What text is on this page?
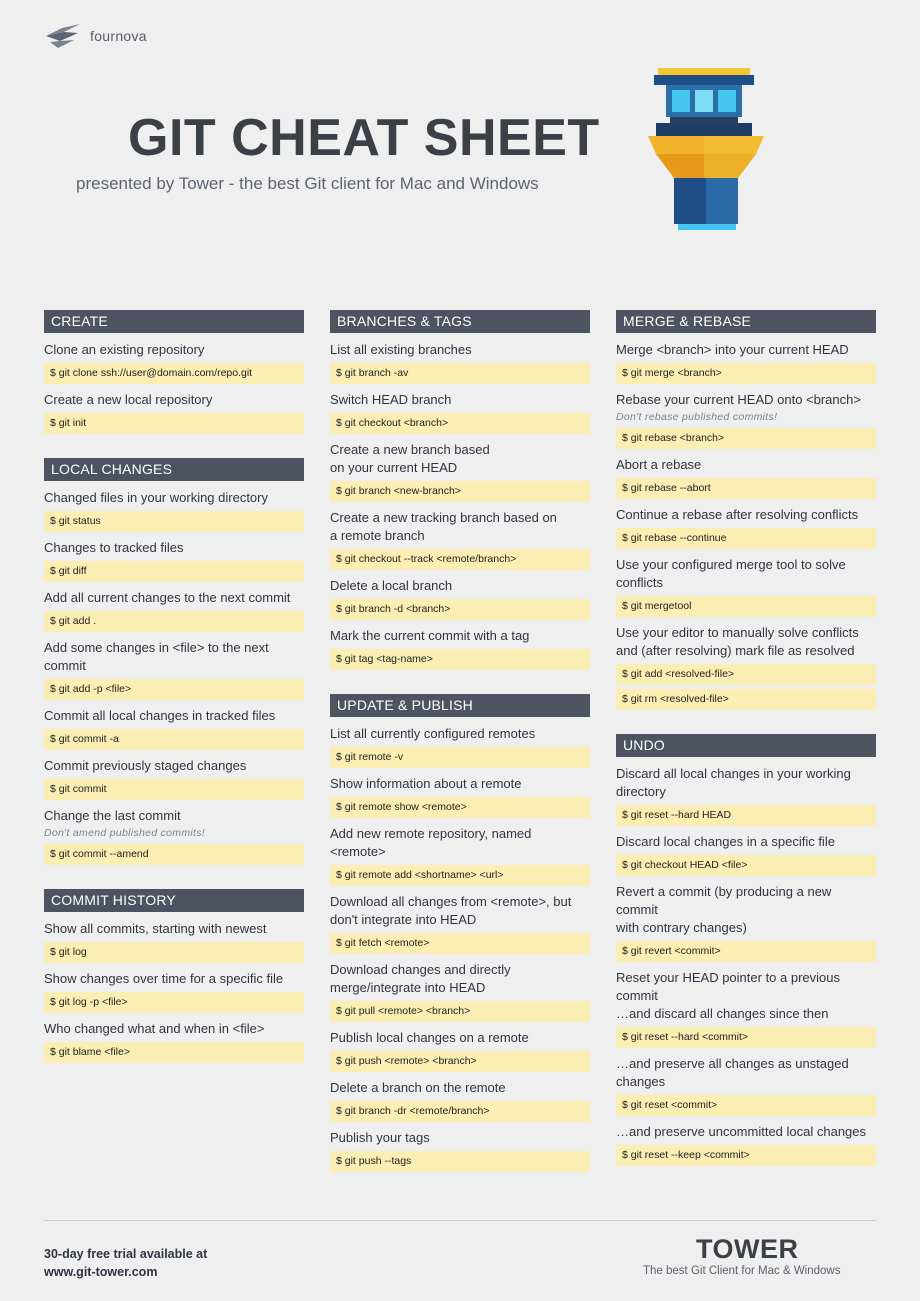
fournova
GIT CHEAT SHEET
presented by Tower - the best Git client for Mac and Windows
CREATE
Clone an existing repository
$ git clone ssh://user@domain.com/repo.git
Create a new local repository
$ git init
LOCAL CHANGES
Changed files in your working directory
$ git status
Changes to tracked files
$ git diff
Add all current changes to the next commit
$ git add .
Add some changes in <file> to the next commit

$ git add -p <file>
Commit all local changes in tracked files
$ git commit -a
Commit previously staged changes
$ git commit
Change the last commit
Don't amend published commits!
$ git commit --amend
COMMIT HISTORY
Show all commits, starting with newest
$ git log
Show changes over time for a specific file
$ git log -p <file>
Who changed what and when in <file>
$ git blame <file>
BRANCHES & TAGS
List all existing branches
$ git branch -av
Switch HEAD branch
$ git checkout <branch>
Create a new branch based
on your current HEAD
$ git branch <new-branch>
Create a new tracking branch based on
a remote branch
$ git checkout --track <remote/branch>
Delete a local branch
$ git branch -d <branch>
Mark the current commit with a tag
$ git tag <tag-name>
UPDATE & PUBLISH
List all currently configured remotes
$ git remote -v
Show information about a remote
$ git remote show <remote>
Add new remote repository, named <remote>
$ git remote add <shortname> <url>
Download all changes from <remote>, but
don't integrate into HEAD
$ git fetch <remote>
Download changes and directly
merge/integrate into HEAD
$ git pull <remote> <branch>
Publish local changes on a remote
$ git push <remote> <branch>
Delete a branch on the remote
$ git branch -dr <remote/branch>
Publish your tags
$ git push --tags
MERGE & REBASE
Merge <branch> into your current HEAD
$ git merge <branch>
Rebase your current HEAD onto <branch>
Don't rebase published commits!
$ git rebase <branch>
Abort a rebase
$ git rebase --abort
Continue a rebase after resolving conflicts
$ git rebase --continue
Use your configured merge tool to solve
conflicts
$ git mergetool
Use your editor to manually solve conflicts
and (after resolving) mark file as resolved
$ git add <resolved-file>
$ git rm <resolved-file>
UNDO
Discard all local changes in your working
directory
$ git reset --hard HEAD
Discard local changes in a specific file
$ git checkout HEAD <file>
Revert a commit (by producing a new commit
with contrary changes)
$ git revert <commit>
Reset your HEAD pointer to a previous commit
…and discard all changes since then
$ git reset --hard <commit>
…and preserve all changes as unstaged
changes
$ git reset <commit>
…and preserve uncommitted local changes
$ git reset --keep <commit>
30-day free trial available at
www.git-tower.com
TOWER
The best Git Client for Mac & Windows
